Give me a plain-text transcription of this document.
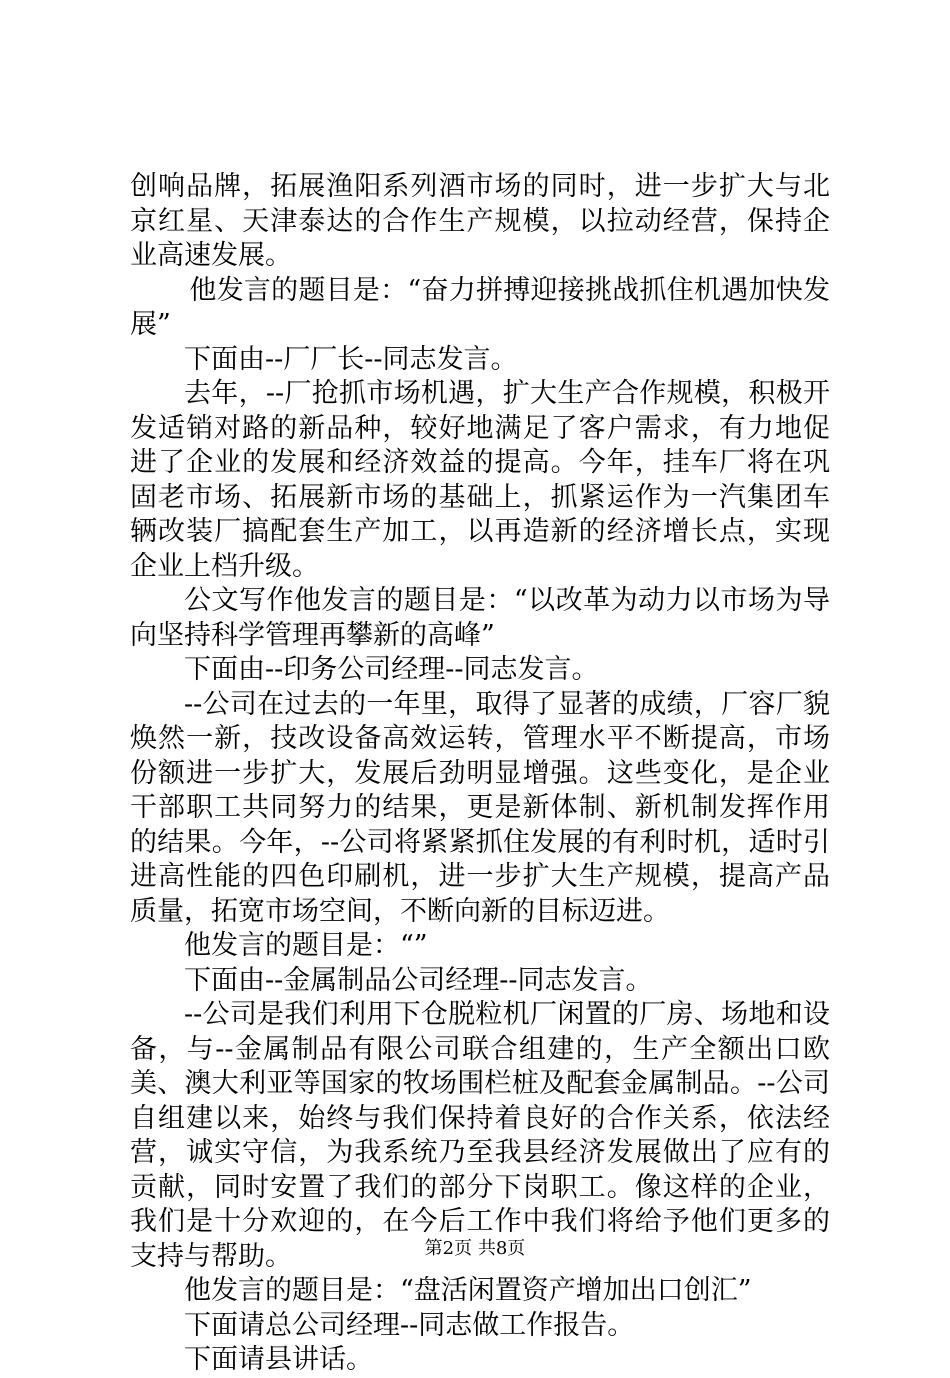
创响品牌，拓展渔阳系列酒市场的同时，进一步扩大与北京红星、天津泰达的合作生产规模，以拉动经营，保持企业高速发展。

他发言的题目是：“奋力拼搏迎接挑战抓住机遇加快发展”

下面由--厂厂长--同志发言。

去年，--厂抢抓市场机遇，扩大生产合作规模，积极开发适销对路的新品种，较好地满足了客户需求，有力地促进了企业的发展和经济效益的提高。今年，挂车厂将在巩固老市场、拓展新市场的基础上，抓紧运作为一汽集团车辆改装厂搞配套生产加工，以再造新的经济增长点，实现企业上档升级。

公文写作他发言的题目是：“以改革为动力以市场为导向坚持科学管理再攀新的高峰”

下面由--印务公司经理--同志发言。

--公司在过去的一年里，取得了显著的成绩，厂容厂貌焕然一新，技改设备高效运转，管理水平不断提高，市场份额进一步扩大，发展后劲明显增强。这些变化，是企业干部职工共同努力的结果，更是新体制、新机制发挥作用的结果。今年，--公司将紧紧抓住发展的有利时机，适时引进高性能的四色印刷机，进一步扩大生产规模，提高产品质量，拓宽市场空间，不断向新的目标迈进。

他发言的题目是：“”

下面由--金属制品公司经理--同志发言。

--公司是我们利用下仓脱粒机厂闲置的厂房、场地和设备，与--金属制品有限公司联合组建的，生产全额出口欧美、澳大利亚等国家的牧场围栏桩及配套金属制品。--公司自组建以来，始终与我们保持着良好的合作关系，依法经营，诚实守信，为我系统乃至我县经济发展做出了应有的贡献，同时安置了我们的部分下岗职工。像这样的企业，我们是十分欢迎的，在今后工作中我们将给予他们更多的支持与帮助。

他发言的题目是：“盘活闲置资产增加出口创汇”

下面请总公司经理--同志做工作报告。

下面请县讲话。

第2页 共8页
